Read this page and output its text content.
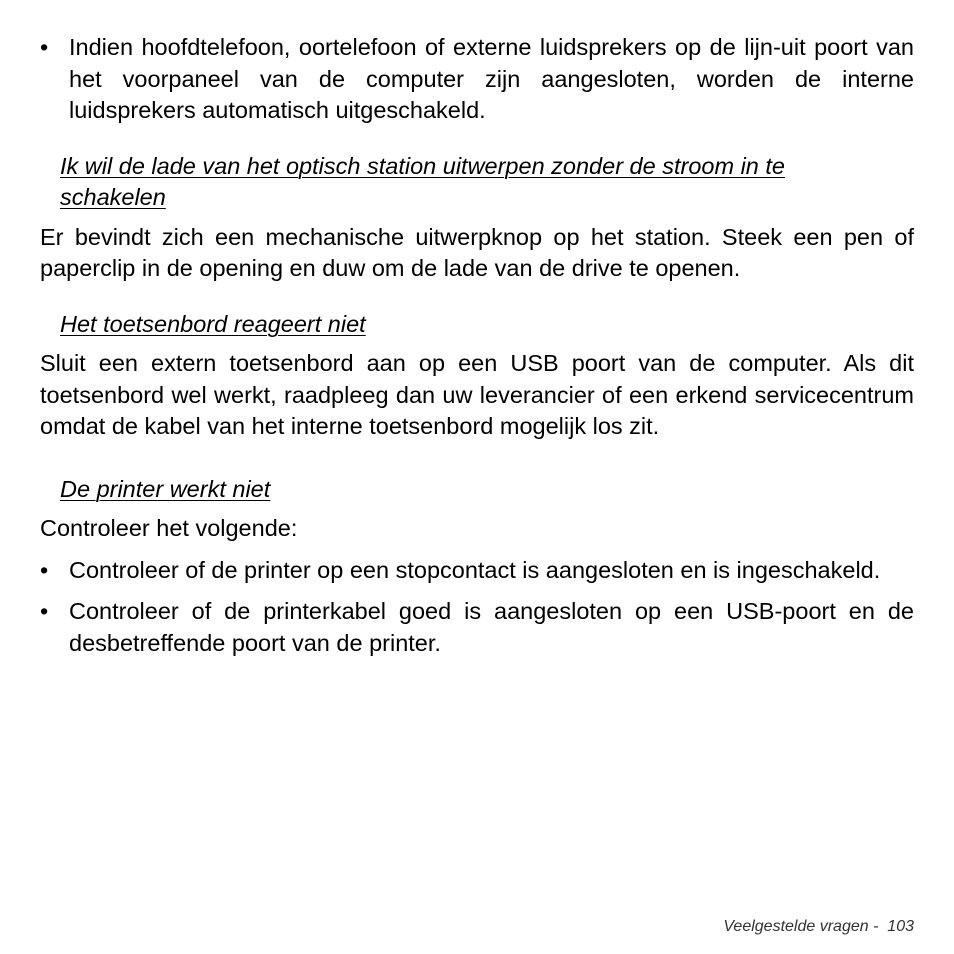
• Indien hoofdtelefoon, oortelefoon of externe luidsprekers op de lijn-uit poort van het voorpaneel van de computer zijn aangesloten, worden de interne luidsprekers automatisch uitgeschakeld.

Ik wil de lade van het optisch station uitwerpen zonder de stroom in te schakelen

Er bevindt zich een mechanische uitwerpknop op het station. Steek een pen of paperclip in de opening en duw om de lade van de drive te openen.

Het toetsenbord reageert niet

Sluit een extern toetsenbord aan op een USB poort van de computer. Als dit toetsenbord wel werkt, raadpleeg dan uw leverancier of een erkend servicecentrum omdat de kabel van het interne toetsenbord mogelijk los zit.

De printer werkt niet

Controleer het volgende:

• Controleer of de printer op een stopcontact is aangesloten en is ingeschakeld.
• Controleer of de printerkabel goed is aangesloten op een USB-poort en de desbetreffende poort van de printer.
Veelgestelde vragen -  103
